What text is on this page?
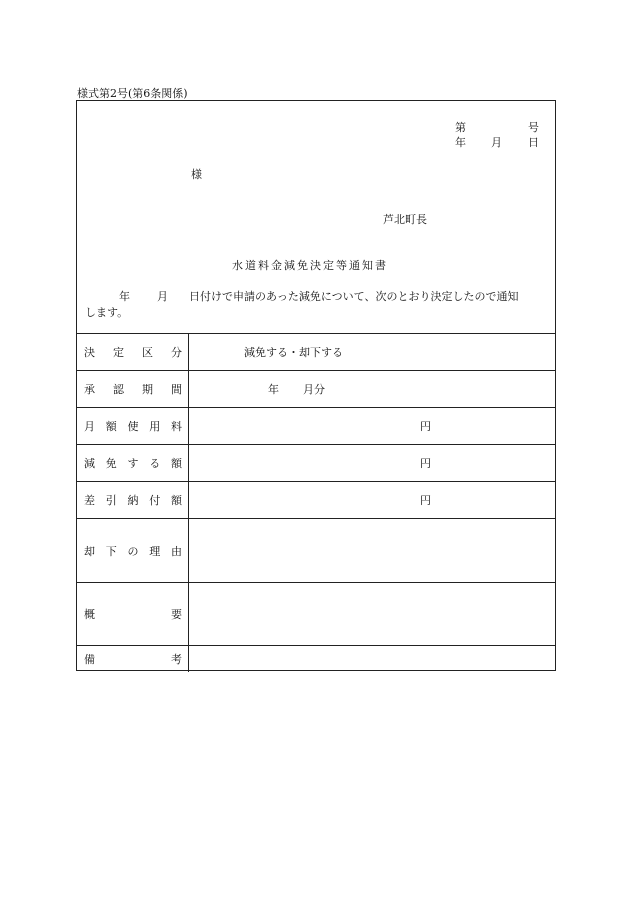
様式第2号(第6条関係)
第	号
年 月 日
様
芦北町長
水道料金減免決定等通知書
年 月 日付けで申請のあった減免について、次のとおり決定したので通知
します。
決 定 区 分	減免する・却下する
承 認 期 間	年 月分
月 額 使 用 料	円
減 免 す る 額	円
差 引 納 付 額	円
却 下 の 理 由
概	要
備	考
